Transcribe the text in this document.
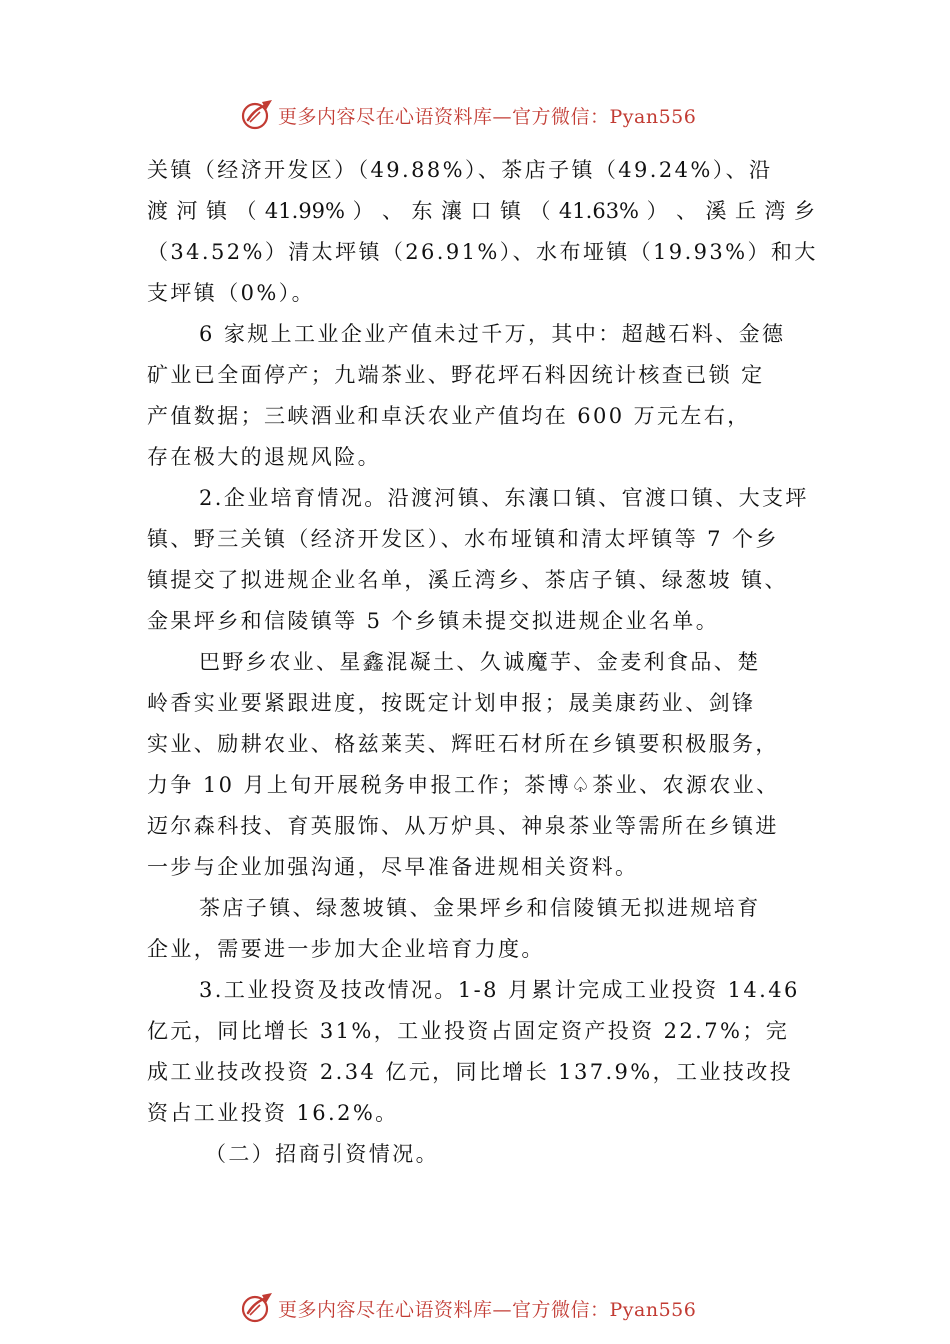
更多内容尽在心语资料库—官方微信：Pyan556
关镇（经济开发区）（49.88%）、茶店子镇（49.24%）、沿
渡 河 镇 （ 41.99% ） 、 东 瀼 口 镇 （ 41.63% ） 、 溪 丘 湾 乡
（34.52%）清太坪镇（26.91%）、水布垭镇（19.93%）和大
支坪镇（0%）。
6 家规上工业企业产值未过千万，其中：超越石料、金德
矿业已全面停产；九端茶业、野花坪石料因统计核查已锁 定
产值数据；三峡酒业和卓沃农业产值均在 600 万元左右，
存在极大的退规风险。
2.企业培育情况。沿渡河镇、东瀼口镇、官渡口镇、大支坪
镇、野三关镇（经济开发区）、水布垭镇和清太坪镇等 7 个乡
镇提交了拟进规企业名单，溪丘湾乡、茶店子镇、绿葱坡 镇、
金果坪乡和信陵镇等 5 个乡镇未提交拟进规企业名单。
巴野乡农业、星鑫混凝土、久诚魔芋、金麦利食品、楚
岭香实业要紧跟进度，按既定计划申报；晟美康药业、剑锋
实业、励耕农业、格兹莱芙、辉旺石材所在乡镇要积极服务，
力争 10 月上旬开展税务申报工作；茶博♤茶业、农源农业、
迈尔森科技、育英服饰、从万炉具、神泉茶业等需所在乡镇进
一步与企业加强沟通，尽早准备进规相关资料。
茶店子镇、绿葱坡镇、金果坪乡和信陵镇无拟进规培育
企业，需要进一步加大企业培育力度。
3.工业投资及技改情况。1-8 月累计完成工业投资 14.46
亿元，同比增长 31%，工业投资占固定资产投资 22.7%；完
成工业技改投资 2.34 亿元，同比增长 137.9%，工业技改投
资占工业投资 16.2%。
（二）招商引资情况。
更多内容尽在心语资料库—官方微信：Pyan556
